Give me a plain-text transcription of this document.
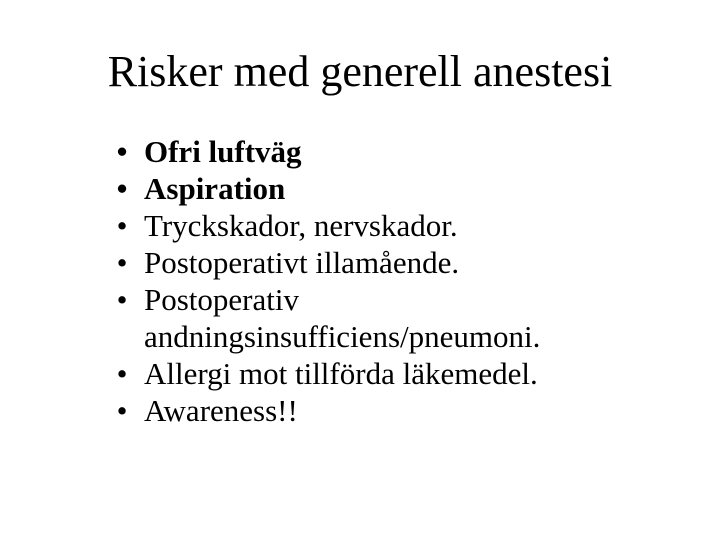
Risker med generell anestesi
• Ofri luftväg
• Aspiration
• Tryckskador, nervskador.
• Postoperativt illamående.
• Postoperativ andningsinsufficiens/pneumoni.
• Allergi mot tillförda läkemedel.
• Awareness!!
